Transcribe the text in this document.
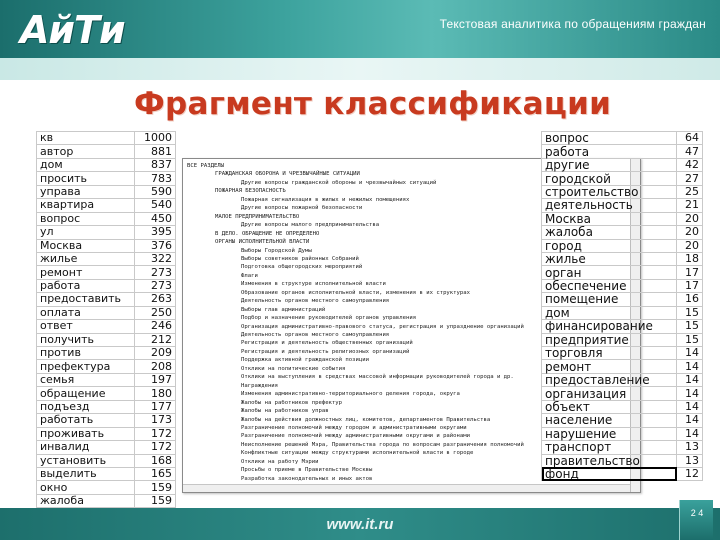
АйТи	Текстовая аналитика по обращениям граждан
Фрагмент классификации
кв	1000
автор	881
дом	837
просить	783
управа	590
квартира	540
вопрос	450
ул	395
Москва	376
жилье	322
ремонт	273
работа	273
предоставить	263
оплата	250
ответ	246
получить	212
против	209
префектура	208
семья	197
обращение	180
подъезд	177
работать	173
проживать	172
инвалид	172
установить	168
выделить	165
окно	159
жалоба	159
ВСЕ РАЗДЕЛЫ
ГРАЖДАНСКАЯ ОБОРОНА И ЧРЕЗВЫЧАЙНЫЕ СИТУАЦИИ
Другие вопросы гражданской обороны и чрезвычайных ситуаций
ПОЖАРНАЯ БЕЗОПАСНОСТЬ
Пожарная сигнализация в жилых и нежилых помещениях
Другие вопросы пожарной безопасности
МАЛОЕ ПРЕДПРИНИМАТЕЛЬСТВО
Другие вопросы малого предпринимательства
В ДЕЛО. ОБРАЩЕНИЕ НЕ ОПРЕДЕЛЕНО
ОРГАНЫ ИСПОЛНИТЕЛЬНОЙ ВЛАСТИ
Выборы Городской Думы
Выборы советников районных Собраний
Подготовка общегородских мероприятий
Флаги
Изменения в структуре исполнительной власти
Образование органов исполнительной власти, изменения в их структурах
Деятельность органов местного самоуправления
Выборы глав администраций
Подбор и назначение руководителей органов управления
Организация административно-правового статуса, регистрация и упразднение организаций
Деятельность органов местного самоуправления
Регистрация и деятельность общественных организаций
Регистрация и деятельность религиозных организаций
Поддержка активной гражданской позиции
Отклики на политические события
Отклики на выступления в средствах массовой информации руководителей города и др.
Награждения
Изменения административно-территориального деления города, округа
Жалобы на работников префектур
Жалобы на работников управ
Жалобы на действия должностных лиц, комитетов, департаментов Правительства
Разграничение полномочий между городом и административными округами
Разграничение полномочий между административными округами и районами
Неисполнение решений Мэра, Правительства города по вопросам разграничения полномочий
Конфликтные ситуации между структурами исполнительной власти в городе
Отклики на работу Мэрии
Просьбы о приеме в Правительстве Москвы
Разработка законодательных и иных актов
вопрос	64
работа	47
другие	42
городской	27
строительство	25
деятельность	21
Москва	20
жалоба	20
город	20
жилье	18
орган	17
обеспечение	17
помещение	16
дом	15
финансирование	15
предприятие	15
торговля	14
ремонт	14
предоставление	14
организация	14
объект	14
население	14
нарушение	14
транспорт	13
правительство	13
фонд	12
www.it.ru
2 4
